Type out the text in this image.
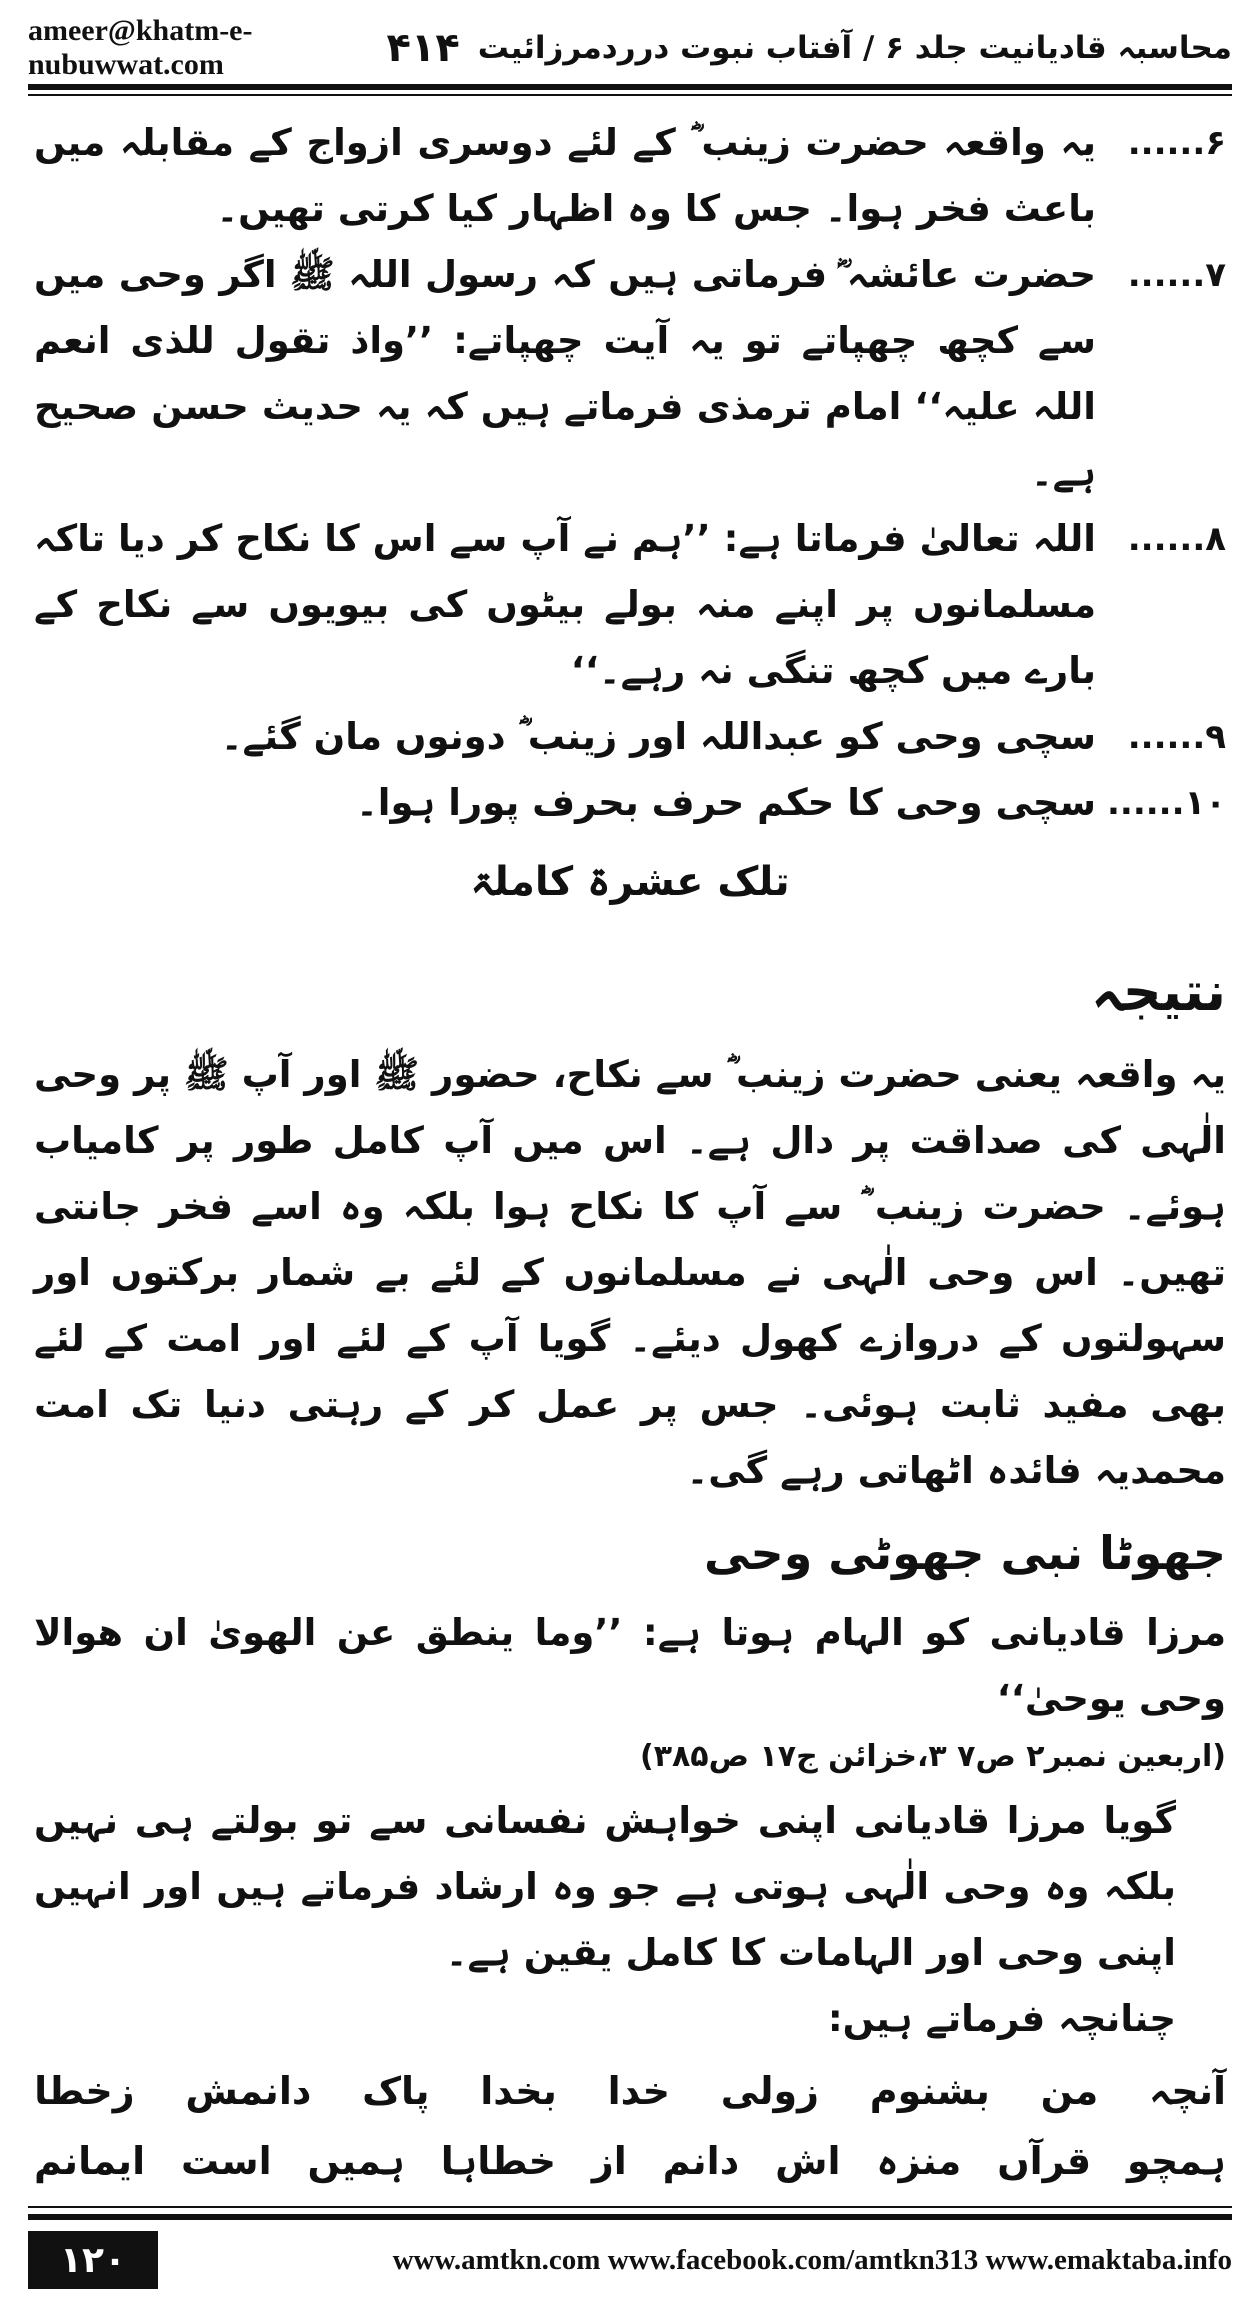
ameer@khatm-e-nubuwwat.com	محاسبہ قادیانیت جلد ۶ / آفتاب نبوت درردمرزائیت
۴۱۴
۶......
یہ واقعہ حضرت زینب ؓ کے لئے دوسری ازواج کے مقابلہ میں باعث فخر ہوا۔ جس کا وہ اظہار کیا کرتی تھیں۔
۷......
حضرت عائشہ ؓ فرماتی ہیں کہ رسول اللہ ﷺ اگر وحی میں سے کچھ چھپاتے تو یہ آیت چھپاتے: ’’واذ تقول للذی انعم اللہ علیہ‘‘ امام ترمذی فرماتے ہیں کہ یہ حدیث حسن صحیح ہے۔
۸......
اللہ تعالیٰ فرماتا ہے: ’’ہم نے آپ سے اس کا نکاح کر دیا تاکہ مسلمانوں پر اپنے منہ بولے بیٹوں کی بیویوں سے نکاح کے بارے میں کچھ تنگی نہ رہے۔‘‘
۹......
سچی وحی کو عبداللہ اور زینب ؓ دونوں مان گئے۔
۱۰......
سچی وحی کا حکم حرف بحرف پورا ہوا۔
تلک عشرۃ کاملۃ
نتیجہ
یہ واقعہ یعنی حضرت زینب ؓ سے نکاح، حضور ﷺ اور آپ ﷺ پر وحی الٰہی کی صداقت پر دال ہے۔ اس میں آپ کامل طور پر کامیاب ہوئے۔ حضرت زینب ؓ سے آپ کا نکاح ہوا بلکہ وہ اسے فخر جانتی تھیں۔ اس وحی الٰہی نے مسلمانوں کے لئے بے شمار برکتوں اور سہولتوں کے دروازے کھول دیئے۔ گویا آپ کے لئے اور امت کے لئے بھی مفید ثابت ہوئی۔ جس پر عمل کر کے رہتی دنیا تک امت محمدیہ فائدہ اٹھاتی رہے گی۔
جھوٹا نبی جھوٹی وحی
مرزا قادیانی کو الہام ہوتا ہے: ’’وما ینطق عن الھویٰ ان ھوالا وحی یوحیٰ‘‘
(اربعین نمبر۲ ص۷ ۳،خزائن ج۱۷ ص۳۸۵)
گویا مرزا قادیانی اپنی خواہش نفسانی سے تو بولتے ہی نہیں بلکہ وہ وحی الٰہی ہوتی ہے جو وہ ارشاد فرماتے ہیں اور انہیں اپنی وحی اور الہامات کا کامل یقین ہے۔
چنانچہ فرماتے ہیں:
آنچہ
من
بشنوم
زولی
خدا
بخدا
پاک
دانمش
زخطا
ہمچو
قرآں
منزہ
اش
دانم
از
خطاہا
ہمیں
است
ایمانم
۱۲۰	www.amtkn.com www.facebook.com/amtkn313 www.emaktaba.info
